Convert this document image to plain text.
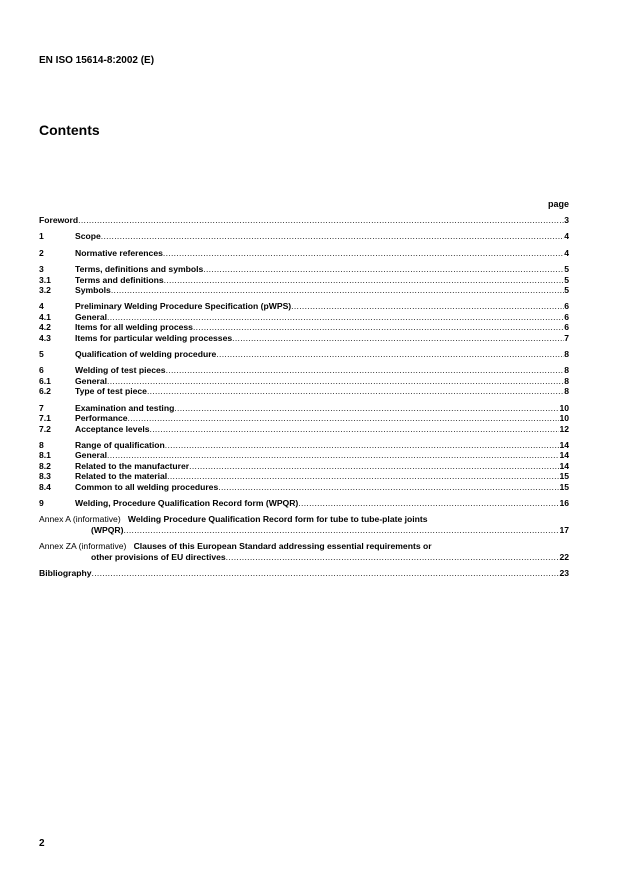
EN ISO 15614-8:2002 (E)
Contents
page
Foreword .....	3
1	Scope .....	4
2	Normative references .....	4
3	Terms, definitions and symbols .....	5
3.1	Terms and definitions .....	5
3.2	Symbols .....	5
4	Preliminary Welding Procedure Specification (pWPS) .....	6
4.1	General .....	6
4.2	Items for all welding process .....	6
4.3	Items for particular welding processes .....	7
5	Qualification of welding procedure .....	8
6	Welding of test pieces .....	8
6.1	General .....	8
6.2	Type of test piece .....	8
7	Examination and testing .....	10
7.1	Performance .....	10
7.2	Acceptance levels .....	12
8	Range of qualification .....	14
8.1	General .....	14
8.2	Related to the manufacturer .....	14
8.3	Related to the material .....	15
8.4	Common to all welding procedures .....	15
9	Welding, Procedure Qualification Record form (WPQR) .....	16
Annex A (informative) Welding Procedure Qualification Record form for tube to tube-plate joints
(WPQR) .....	17
Annex ZA (informative) Clauses of this European Standard addressing essential requirements or
other provisions of EU directives .....	22
Bibliography .....	23
2
